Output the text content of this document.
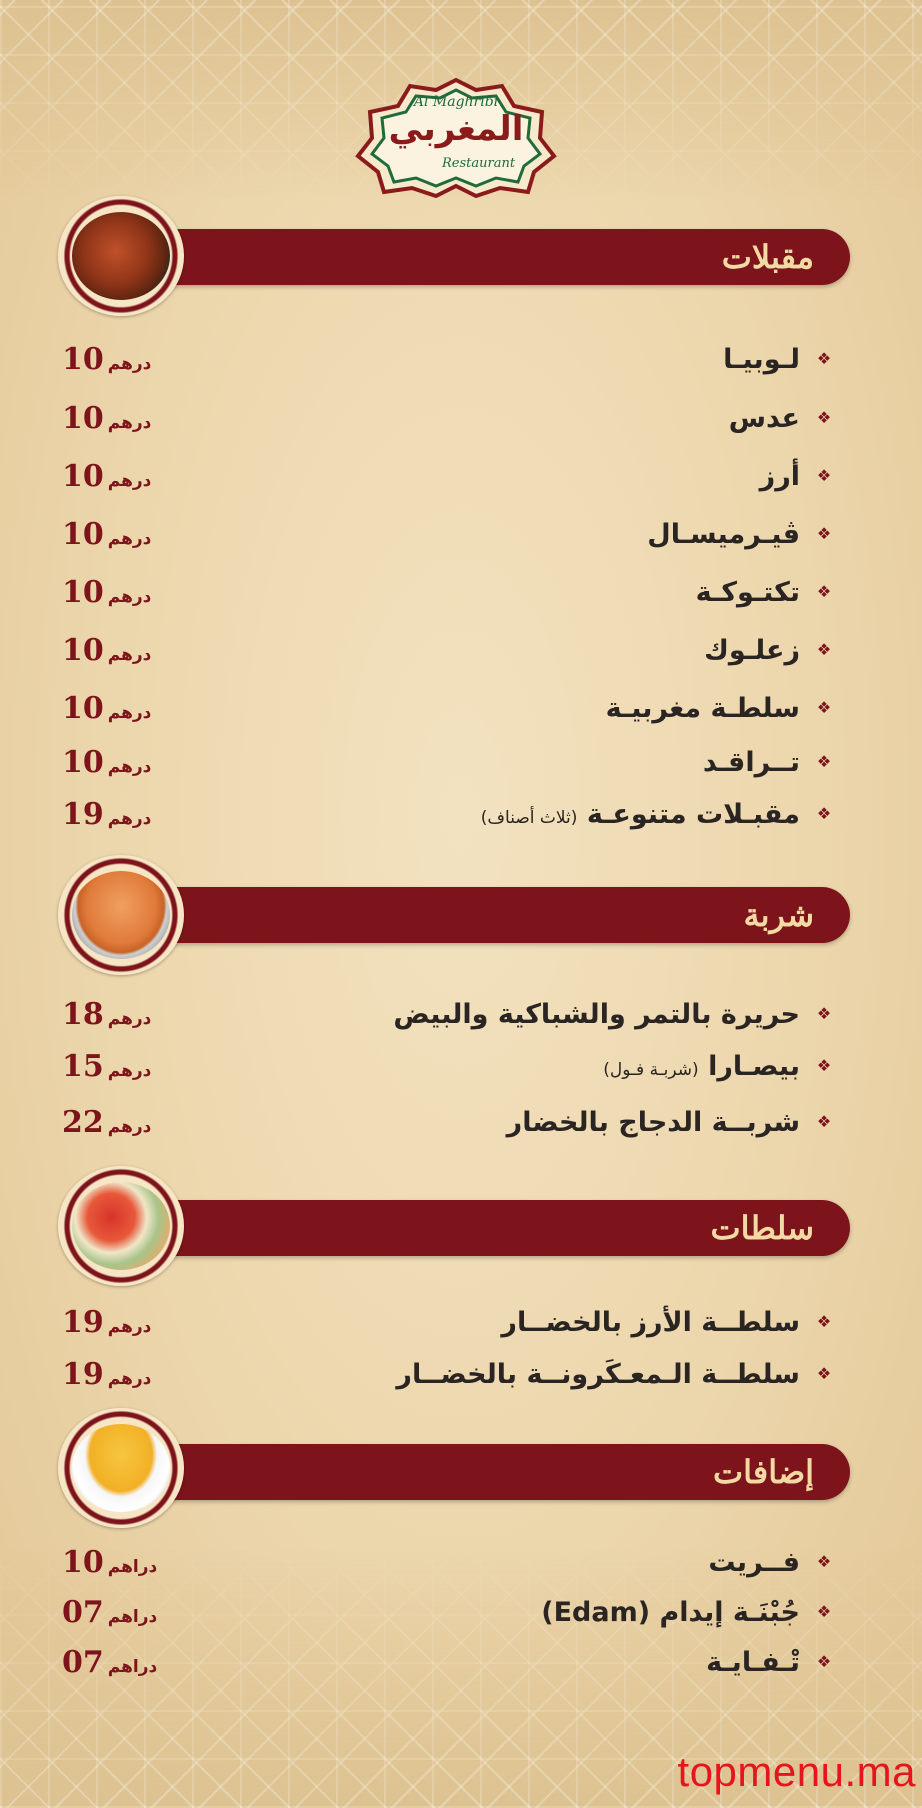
Al Maghribi
المغربي
Restaurant
مقبلات
❖
لـوبيـا
10 درهم
❖
عدس
10 درهم
❖
أرز
10 درهم
❖
ڤيـرميسـال
10 درهم
❖
تكتـوكـة
10 درهم
❖
زعلـوك
10 درهم
❖
سلطـة مغربيـة
10 درهم
❖
تــراقـد
10 درهم
❖
مقبـلات متنوعـة (ثلاث أصناف)
19 درهم
شربة
❖
حريرة بالتمر والشباكية والبيض
18 درهم
❖
بيصـارا (شربـة فـول)
15 درهم
❖
شربــة الدجاج بالخضار
22 درهم
سلطات
❖
سلطــة الأرز بالخضــار
19 درهم
❖
سلطــة الـمعـكَرونــة بالخضــار
19 درهم
إضافات
❖
فــريت
10 دراهم
❖
جُبْنَـة إيدام (Edam)
07 دراهم
❖
تْـفـايـة
07 دراهم
topmenu.ma
